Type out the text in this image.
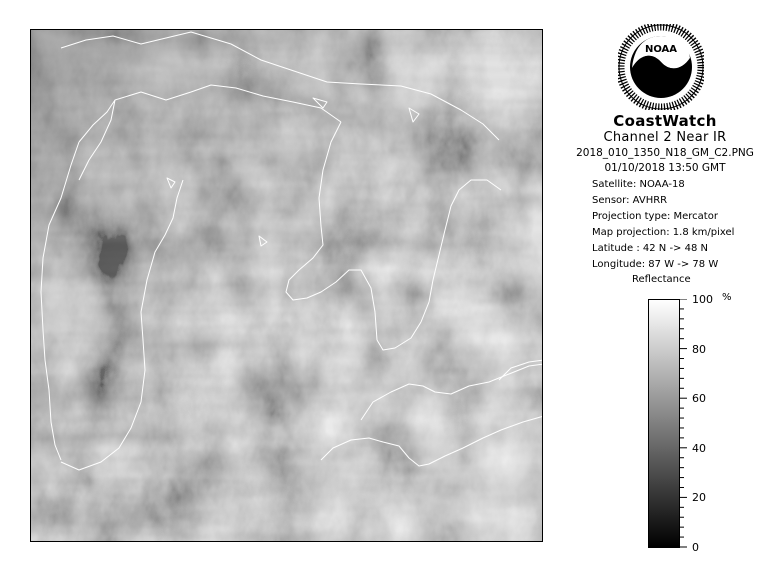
NOAA
CoastWatch
Channel 2 Near IR
2018_010_1350_N18_GM_C2.PNG
01/10/2018 13:50 GMT
Satellite: NOAA-18
Sensor: AVHRR
Projection type: Mercator
Map projection: 1.8 km/pixel
Latitude : 42 N -> 48 N
Longitude: 87 W -> 78 W
Reflectance
%
100
80
60
40
20
0
